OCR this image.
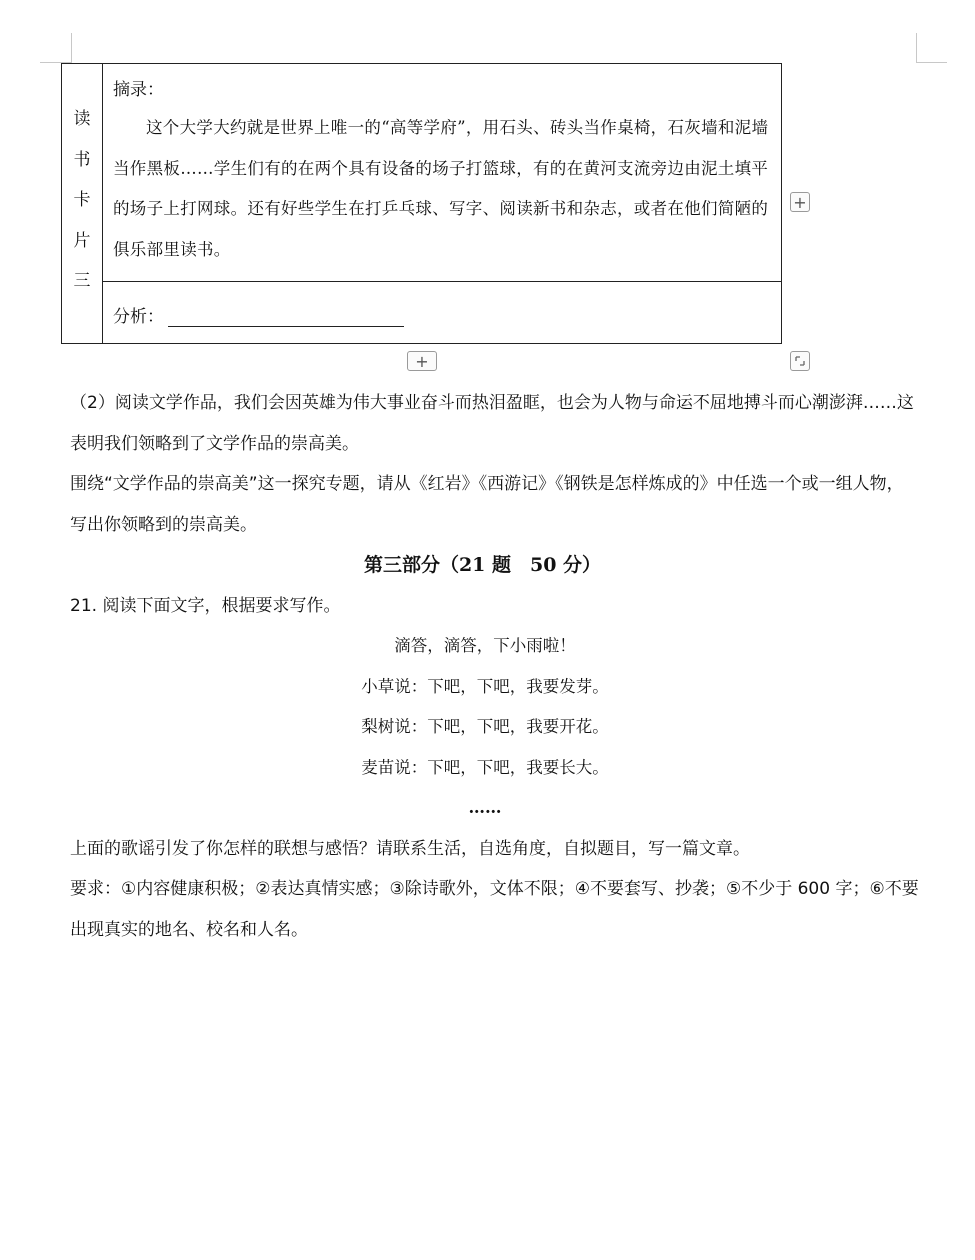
读
书
卡
片
三

摘录：

这个大学大约就是世界上唯一的“高等学府”，用石头、砖头当作桌椅，石灰墙和泥墙当作黑板……学生们有的在两个具有设备的场子打篮球，有的在黄河支流旁边由泥土填平的场子上打网球。还有好些学生在打乒乓球、写字、阅读新书和杂志，或者在他们简陋的俱乐部里读书。

分析：
+
+

（2）阅读文学作品，我们会因英雄为伟大事业奋斗而热泪盈眶，也会为人物与命运不屈地搏斗而心潮澎湃……这表明我们领略到了文学作品的崇高美。

围绕“文学作品的崇高美”这一探究专题，请从《红岩》《西游记》《钢铁是怎样炼成的》中任选一个或一组人物，写出你领略到的崇高美。

第三部分（21 题　50 分）

21. 阅读下面文字，根据要求写作。

滴答，滴答，下小雨啦！

小草说：下吧，下吧，我要发芽。

梨树说：下吧，下吧，我要开花。

麦苗说：下吧，下吧，我要长大。

……

上面的歌谣引发了你怎样的联想与感悟？请联系生活，自选角度，自拟题目，写一篇文章。

要求：①内容健康积极；②表达真情实感；③除诗歌外，文体不限；④不要套写、抄袭；⑤不少于 600 字；⑥不要出现真实的地名、校名和人名。
